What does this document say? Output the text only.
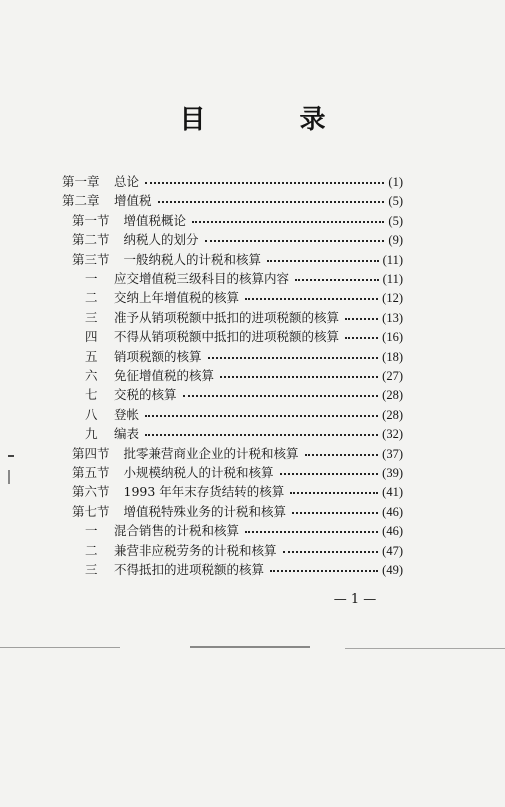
目　录
第一章 总论	(1)
第二章 增值税	(5)
第一节 增值税概论	(5)
第二节 纳税人的划分	(9)
第三节 一般纳税人的计税和核算	(11)
一 应交增值税三级科目的核算内容	(11)
二 交纳上年增值税的核算	(12)
三 准予从销项税额中抵扣的进项税额的核算	(13)
四 不得从销项税额中抵扣的进项税额的核算	(16)
五 销项税额的核算	(18)
六 免征增值税的核算	(27)
七 交税的核算	(28)
八 登帐	(28)
九 编表	(32)
第四节 批零兼营商业企业的计税和核算	(37)
第五节 小规模纳税人的计税和核算	(39)
第六节 1993 年年末存货结转的核算	(41)
第七节 增值税特殊业务的计税和核算	(46)
一 混合销售的计税和核算	(46)
二 兼营非应税劳务的计税和核算	(47)
三 不得抵扣的进项税额的核算	(49)
— 1 —
